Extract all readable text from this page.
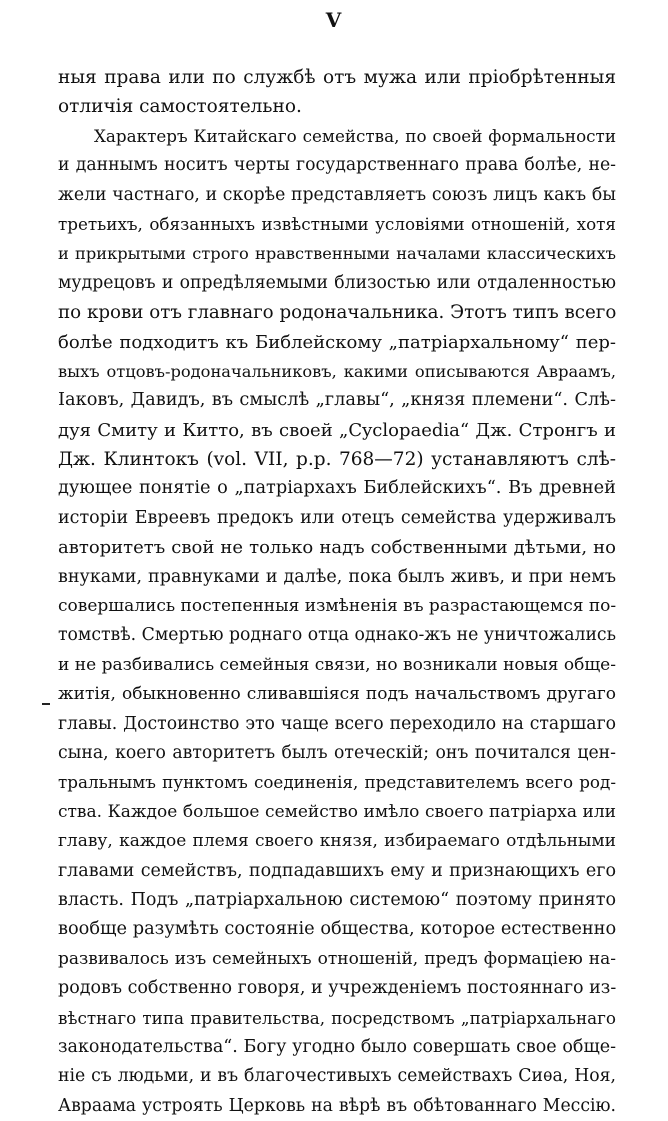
V
ныя права или по службѣ отъ мужа или пріобрѣтенныя
отличія самостоятельно.
Характеръ Китайскаго семейства, по своей формальности
и даннымъ носитъ черты государственнаго права болѣе, не-
жели частнаго, и скорѣе представляетъ союзъ лицъ какъ бы
третьихъ, обязанныхъ извѣстными условіями отношеній, хотя
и прикрытыми строго нравственными началами классическихъ
мудрецовъ и опредѣляемыми близостью или отдаленностью
по крови отъ главнаго родоначальника. Этотъ типъ всего
болѣе подходитъ къ Библейскому „патріархальному“ пер-
выхъ отцовъ-родоначальниковъ, какими описываются Авраамъ,
Іаковъ, Давидъ, въ смыслѣ „главы“, „князя племени“. Слѣ-
дуя Смиту и Китто, въ своей „Cyclopaedia“ Дж. Стронгъ и
Дж. Клинтокъ (vol. VII, p.p. 768—72) устанавляютъ слѣ-
дующее понятіе о „патріархахъ Библейскихъ“. Въ древней
исторіи Евреевъ предокъ или отецъ семейства удерживалъ
авторитетъ свой не только надъ собственными дѣтьми, но
внуками, правнуками и далѣе, пока былъ живъ, и при немъ
совершались постепенныя измѣненія въ разрастающемся по-
томствѣ. Смертью роднаго отца однако-жъ не уничтожались
и не разбивались семейныя связи, но возникали новыя обще-
житія, обыкновенно сливавшіяся подъ начальствомъ другаго
главы. Достоинство это чаще всего переходило на старшаго
сына, коего авторитетъ былъ отеческій; онъ почитался цен-
тральнымъ пунктомъ соединенія, представителемъ всего род-
ства. Каждое большое семейство имѣло своего патріарха или
главу, каждое племя своего князя, избираемаго отдѣльными
главами семействъ, подпадавшихъ ему и признающихъ его
власть. Подъ „патріархальною системою“ поэтому принято
вообще разумѣть состояніе общества, которое естественно
развивалось изъ семейныхъ отношеній, предъ формаціею на-
родовъ собственно говоря, и учрежденіемъ постояннаго из-
вѣстнаго типа правительства, посредствомъ „патріархальнаго
законодательства“. Богу угодно было совершать свое обще-
ніе съ людьми, и въ благочестивыхъ семействахъ Сиѳа, Ноя,
Авраама устроять Церковь на вѣрѣ въ обѣтованнаго Мессію.
